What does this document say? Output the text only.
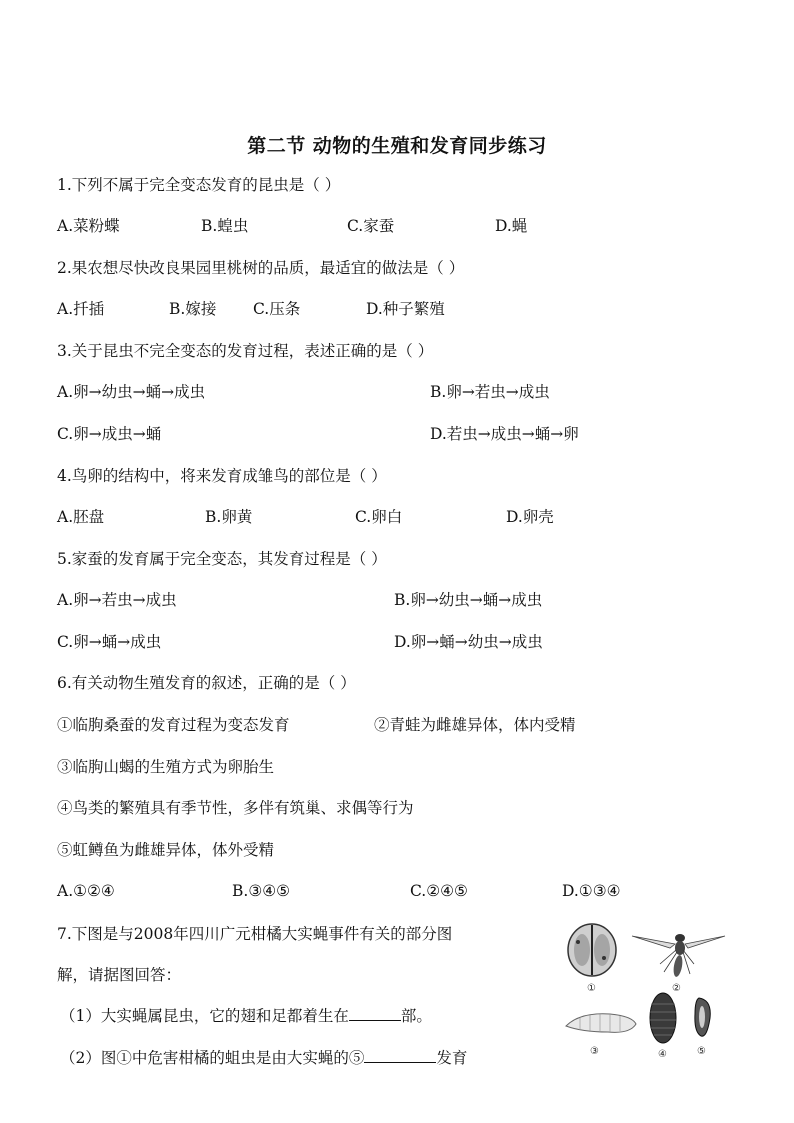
第二节 动物的生殖和发育同步练习
1.下列不属于完全变态发育的昆虫是（ ）
A.菜粉蝶	B.蝗虫	C.家蚕	D.蝇
2.果农想尽快改良果园里桃树的品质，最适宜的做法是（ ）
A.扦插	B.嫁接 C.压条	D.种子繁殖
3.关于昆虫不完全变态的发育过程，表述正确的是（ ）
A.卵→幼虫→蛹→成虫	B.卵→若虫→成虫
C.卵→成虫→蛹	D.若虫→成虫→蛹→卵
4.鸟卵的结构中，将来发育成雏鸟的部位是（ ）
A.胚盘	B.卵黄	C.卵白	D.卵壳
5.家蚕的发育属于完全变态，其发育过程是（ ）
A.卵→若虫→成虫	B.卵→幼虫→蛹→成虫
C.卵→蛹→成虫	D.卵→蛹→幼虫→成虫
6.有关动物生殖发育的叙述，正确的是（ ）
①临朐桑蚕的发育过程为变态发育	②青蛙为雌雄异体，体内受精
③临朐山蝎的生殖方式为卵胎生
④鸟类的繁殖具有季节性，多伴有筑巢、求偶等行为
⑤虹鳟鱼为雌雄异体，体外受精
A.①②④	B.③④⑤	C.②④⑤	D.①③④
7.下图是与2008年四川广元柑橘大实蝇事件有关的部分图
解，请据图回答：
（1）大实蝇属昆虫，它的翅和足都着生在	部。
（2）图①中危害柑橘的蛆虫是由大实蝇的⑤	发育
①	②
③	④	⑤
